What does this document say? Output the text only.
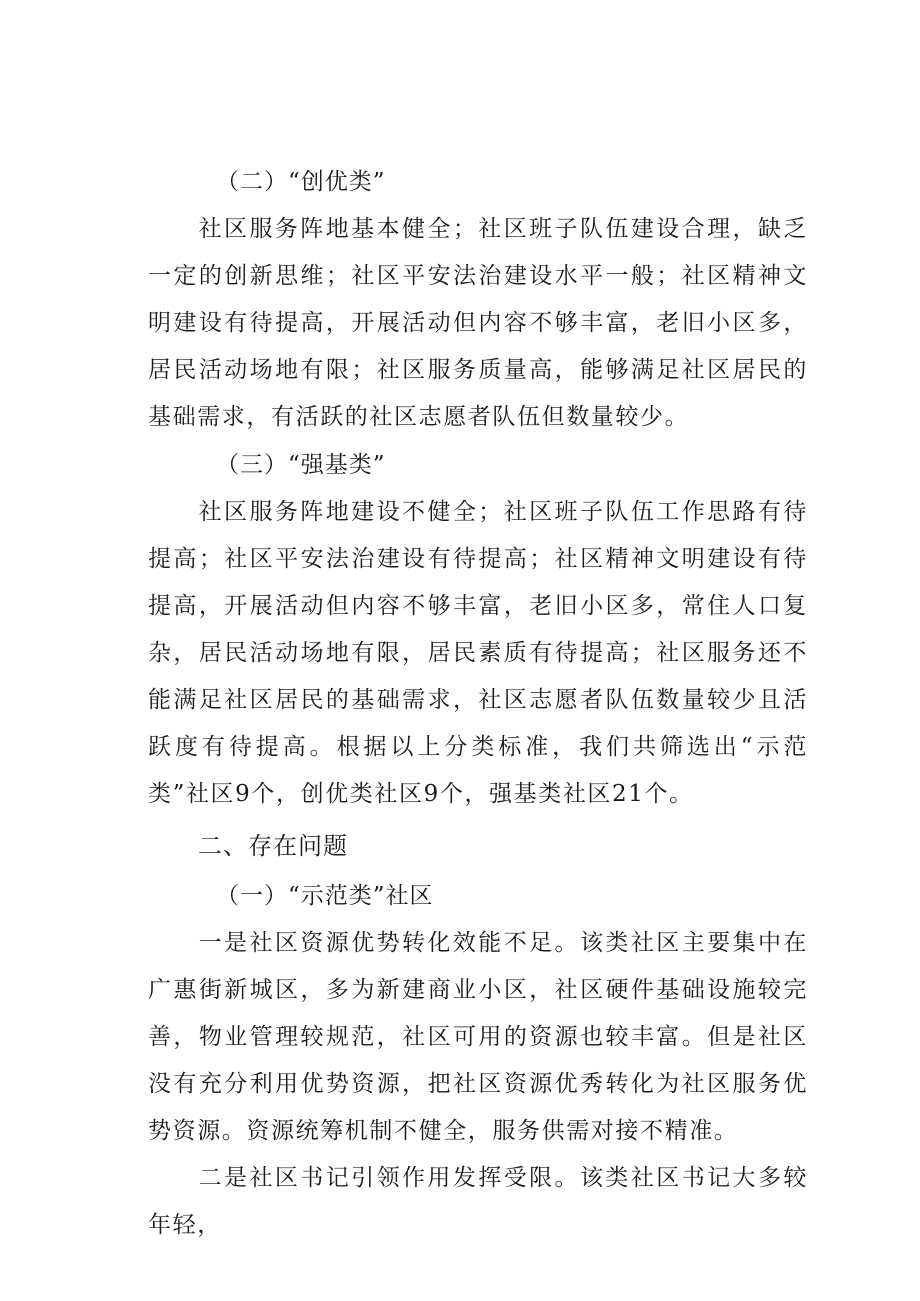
（二）“创优类”

社区服务阵地基本健全；社区班子队伍建设合理，缺乏一定的创新思维；社区平安法治建设水平一般；社区精神文明建设有待提高，开展活动但内容不够丰富，老旧小区多，居民活动场地有限；社区服务质量高，能够满足社区居民的基础需求，有活跃的社区志愿者队伍但数量较少。

（三）“强基类”

社区服务阵地建设不健全；社区班子队伍工作思路有待提高；社区平安法治建设有待提高；社区精神文明建设有待提高，开展活动但内容不够丰富，老旧小区多，常住人口复杂，居民活动场地有限，居民素质有待提高；社区服务还不能满足社区居民的基础需求，社区志愿者队伍数量较少且活跃度有待提高。根据以上分类标准，我们共筛选出“示范类”社区9个，创优类社区9个，强基类社区21个。

二、存在问题
（一）“示范类”社区

一是社区资源优势转化效能不足。该类社区主要集中在广惠街新城区，多为新建商业小区，社区硬件基础设施较完善，物业管理较规范，社区可用的资源也较丰富。但是社区没有充分利用优势资源，把社区资源优秀转化为社区服务优势资源。资源统筹机制不健全，服务供需对接不精准。

二是社区书记引领作用发挥受限。该类社区书记大多较年轻，
